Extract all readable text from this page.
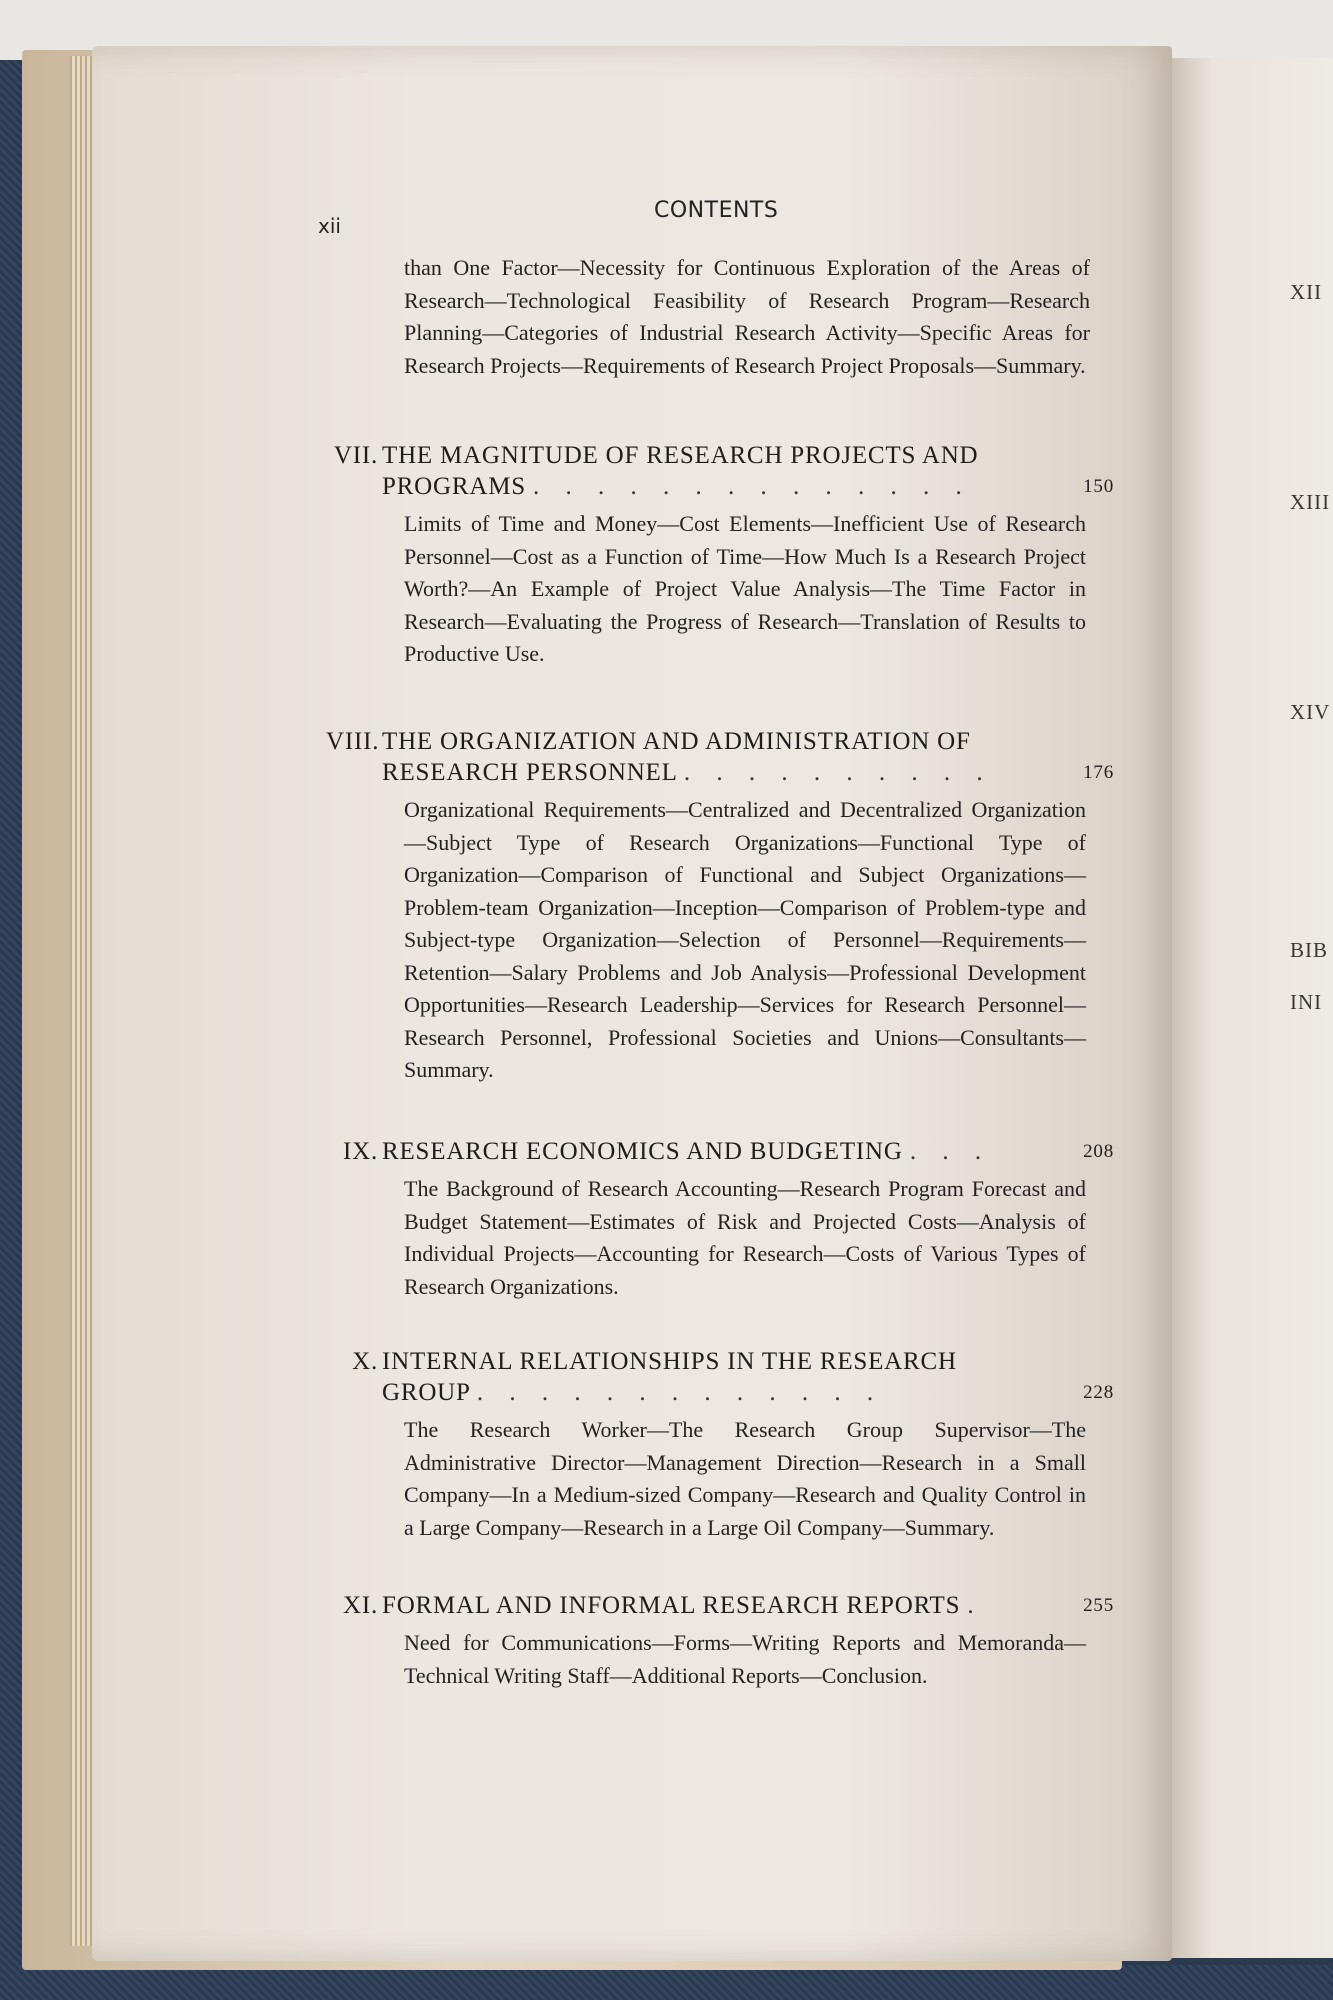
XII
XIII
XIV
BIB
INI
xii
CONTENTS
than One Factor—Necessity for Continuous Exploration of the Areas of Research—Technological Feasibility of Research Program—Research Planning—Categories of Industrial Research Activity—Specific Areas for Research Projects—Requirements of Research Project Proposals—Summary.
VII. THE MAGNITUDE OF RESEARCH PROJECTS AND PROGRAMS . . . . . . . . . . . . . .	150
Limits of Time and Money—Cost Elements—Inefficient Use of Research Personnel—Cost as a Function of Time—How Much Is a Research Project Worth?—An Example of Project Value Analysis—The Time Factor in Research—Evaluating the Progress of Research—Translation of Results to Productive Use.
VIII. THE ORGANIZATION AND ADMINISTRATION OF RESEARCH PERSONNEL . . . . . . . . . .	176
Organizational Requirements—Centralized and Decentralized Organization—Subject Type of Research Organizations—Functional Type of Organization—Comparison of Functional and Subject Organizations—Problem-team Organization—Inception—Comparison of Problem-type and Subject-type Organization—Selection of Personnel—Requirements—Retention—Salary Problems and Job Analysis—Professional Development Opportunities—Research Leadership—Services for Research Personnel—Research Personnel, Professional Societies and Unions—Consultants—Summary.
IX. RESEARCH ECONOMICS AND BUDGETING . . .	208
The Background of Research Accounting—Research Program Forecast and Budget Statement—Estimates of Risk and Projected Costs—Analysis of Individual Projects—Accounting for Research—Costs of Various Types of Research Organizations.
X. INTERNAL RELATIONSHIPS IN THE RESEARCH GROUP . . . . . . . . . . . . .	228
The Research Worker—The Research Group Supervisor—The Administrative Director—Management Direction—Research in a Small Company—In a Medium-sized Company—Research and Quality Control in a Large Company—Research in a Large Oil Company—Summary.
XI. FORMAL AND INFORMAL RESEARCH REPORTS .	255
Need for Communications—Forms—Writing Reports and Memoranda—Technical Writing Staff—Additional Reports—Conclusion.
